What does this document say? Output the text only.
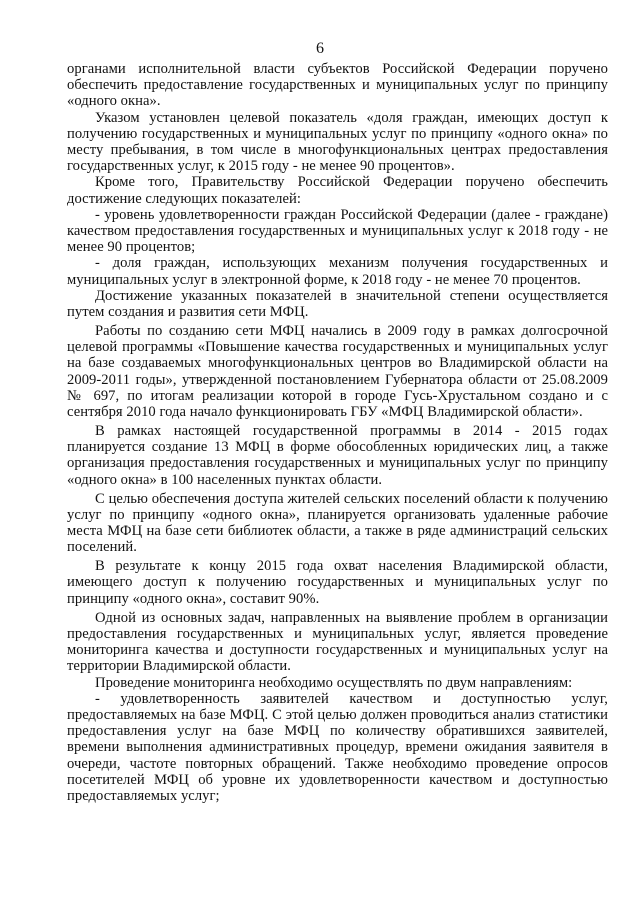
6

органами исполнительной власти субъектов Российской Федерации поручено обеспечить предоставление государственных и муниципальных услуг по принципу «одного окна».

Указом установлен целевой показатель «доля граждан, имеющих доступ к получению государственных и муниципальных услуг по принципу «одного окна» по месту пребывания, в том числе в многофункциональных центрах предоставления государственных услуг, к 2015 году - не менее 90 процентов».

Кроме того, Правительству Российской Федерации поручено обеспечить достижение следующих показателей:

- уровень удовлетворенности граждан Российской Федерации (далее - граждане) качеством предоставления государственных и муниципальных услуг к 2018 году - не менее 90 процентов;

- доля граждан, использующих механизм получения государственных и муниципальных услуг в электронной форме, к 2018 году - не менее 70 процентов.

Достижение указанных показателей в значительной степени осуществляется путем создания и развития сети МФЦ.

Работы по созданию сети МФЦ начались в 2009 году в рамках долгосрочной целевой программы «Повышение качества государственных и муниципальных услуг на базе создаваемых многофункциональных центров во Владимирской области на 2009-2011 годы», утвержденной постановлением Губернатора области от 25.08.2009 № 697, по итогам реализации которой в городе Гусь-Хрустальном создано и с сентября 2010 года начало функционировать ГБУ «МФЦ Владимирской области».

В рамках настоящей государственной программы в 2014 - 2015 годах планируется создание 13 МФЦ в форме обособленных юридических лиц, а также организация предоставления государственных и муниципальных услуг по принципу «одного окна» в 100 населенных пунктах области.

С целью обеспечения доступа жителей сельских поселений области к получению услуг по принципу «одного окна», планируется организовать удаленные рабочие места МФЦ на базе сети библиотек области, а также в ряде администраций сельских поселений.

В результате к концу 2015 года охват населения Владимирской области, имеющего доступ к получению государственных и муниципальных услуг по принципу «одного окна», составит 90%.

Одной из основных задач, направленных на выявление проблем в организации предоставления государственных и муниципальных услуг, является проведение мониторинга качества и доступности государственных и муниципальных услуг на территории Владимирской области.

Проведение мониторинга необходимо осуществлять по двум направлениям:

- удовлетворенность заявителей качеством и доступностью услуг, предоставляемых на базе МФЦ. С этой целью должен проводиться анализ статистики предоставления услуг на базе МФЦ по количеству обратившихся заявителей, времени выполнения административных процедур, времени ожидания заявителя в очереди, частоте повторных обращений. Также необходимо проведение опросов посетителей МФЦ об уровне их удовлетворенности качеством и доступностью предоставляемых услуг;
